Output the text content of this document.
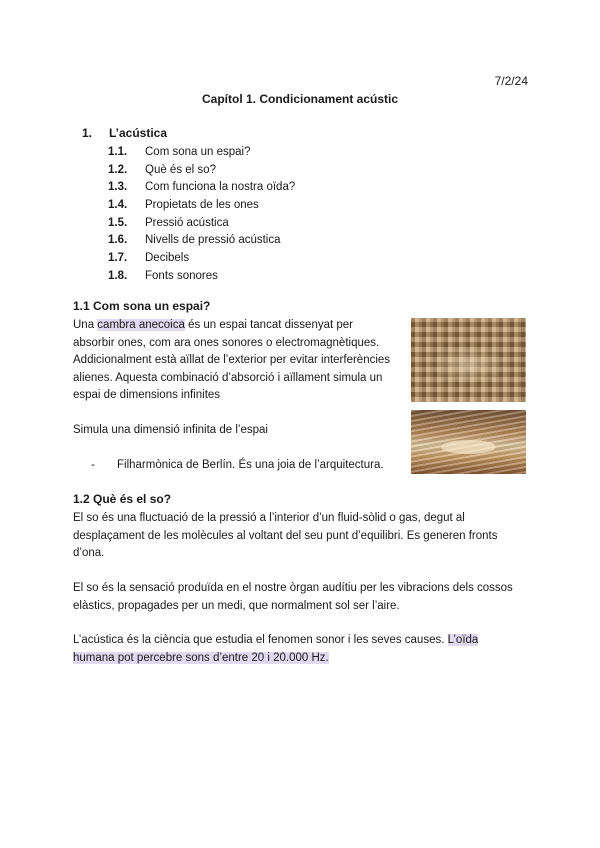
7/2/24
Capítol 1. Condicionament acústic
1. L’acústica
1.1. Com sona un espai?
1.2. Què és el so?
1.3. Com funciona la nostra oïda?
1.4. Propietats de les ones
1.5. Pressió acústica
1.6. Nivells de pressió acústica
1.7. Decibels
1.8. Fonts sonores
1.1 Com sona un espai?
Una cambra anecoica és un espai tancat dissenyat per
absorbir ones, com ara ones sonores o electromagnètiques.
Addicionalment està aïllat de l’exterior per evitar interferències
alienes. Aquesta combinació d’absorció i aïllament simula un
espai de dimensions infinites
Simula una dimensió infinita de l’espai
- Filharmònica de Berlín. És una joia de l’arquitectura.
1.2 Què és el so?
El so és una fluctuació de la pressió a l’interior d’un fluid-sòlid o gas, degut al
desplaçament de les molècules al voltant del seu punt d’equilibri. Es generen fronts
d’ona.
El so és la sensació produïda en el nostre òrgan audítiu per les vibracions dels cossos
elàstics, propagades per un medi, que normalment sol ser l’aire.
L’acústica és la ciència que estudia el fenomen sonor i les seves causes. L’oïda
humana pot percebre sons d’entre 20 i 20.000 Hz.
